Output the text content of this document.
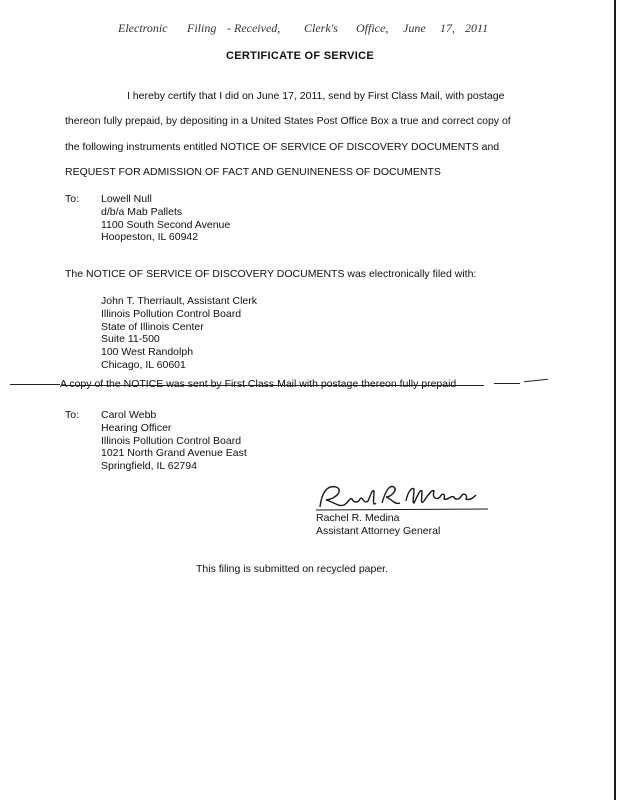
Electronic Filing - Received, Clerk's Office, June 17, 2011
CERTIFICATE OF SERVICE
I hereby certify that I did on June 17, 2011, send by First Class Mail, with postage
thereon fully prepaid, by depositing in a United States Post Office Box a true and correct copy of
the following instruments entitled NOTICE OF SERVICE OF DISCOVERY DOCUMENTS and
REQUEST FOR ADMISSION OF FACT AND GENUINENESS OF DOCUMENTS
To: Lowell Null
d/b/a Mab Pallets
1100 South Second Avenue
Hoopeston, IL 60942
The NOTICE OF SERVICE OF DISCOVERY DOCUMENTS was electronically filed with:
John T. Therriault, Assistant Clerk
Illinois Pollution Control Board
State of Illinois Center
Suite 11-500
100 West Randolph
Chicago, IL 60601
A copy of the NOTICE was sent by First Class Mail with postage thereon fully prepaid
To: Carol Webb
Hearing Officer
Illinois Pollution Control Board
1021 North Grand Avenue East
Springfield, IL 62794
Rachel R. Medina
Assistant Attorney General
This filing is submitted on recycled paper.
